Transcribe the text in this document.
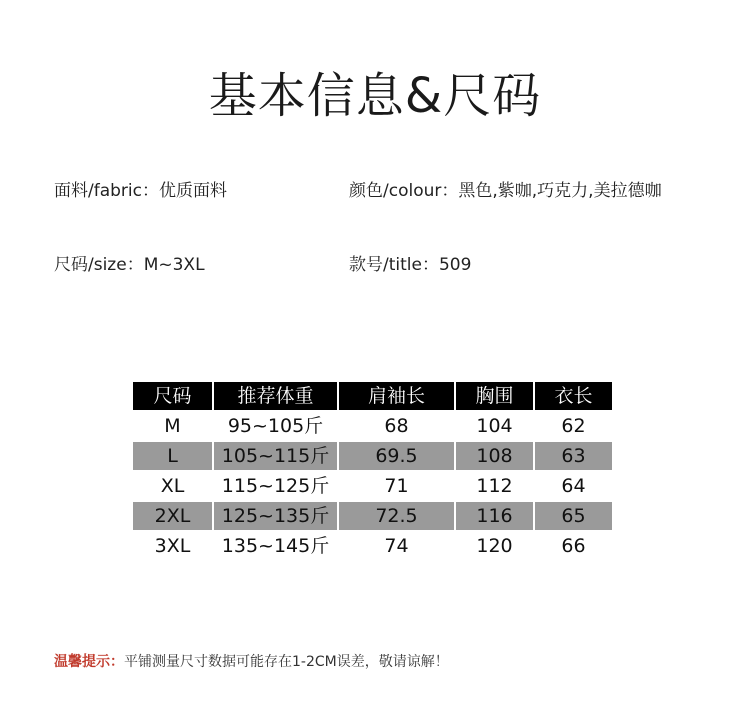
基本信息&尺码
面料/fabric：优质面料	颜色/colour：黑色,紫咖,巧克力,美拉德咖
尺码/size：M~3XL	款号/title：509
尺码	推荐体重	肩袖长	胸围	衣长
M	95~105斤	68	104	62
L	105~115斤	69.5	108	63
XL	115~125斤	71	112	64
2XL	125~135斤	72.5	116	65
3XL	135~145斤	74	120	66
温馨提示：平铺测量尺寸数据可能存在1-2CM误差，敬请谅解！
